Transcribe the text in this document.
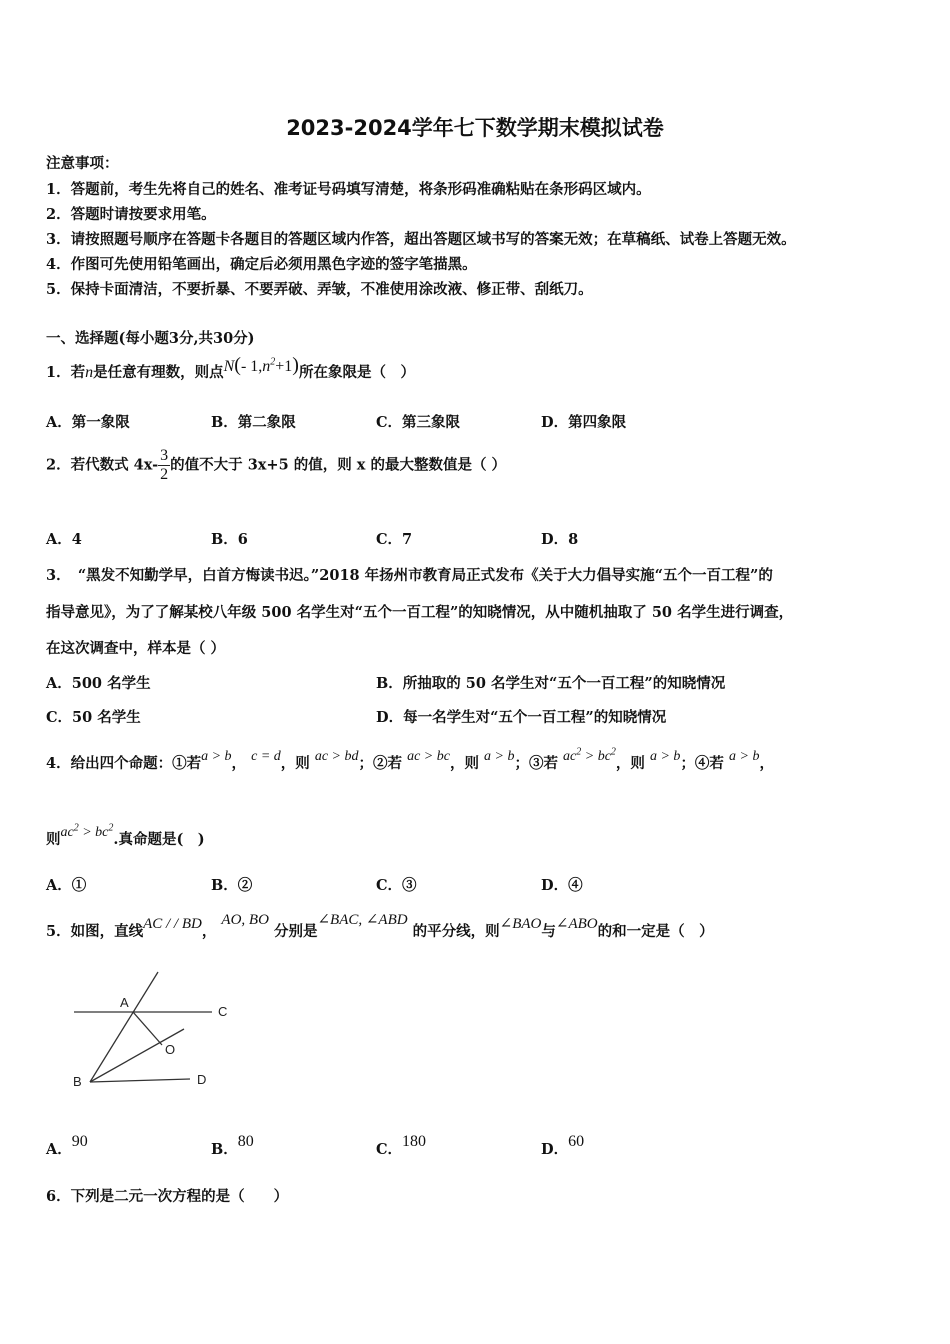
2023-2024学年七下数学期末模拟试卷
注意事项：
1．答题前，考生先将自己的姓名、准考证号码填写清楚，将条形码准确粘贴在条形码区域内。
2．答题时请按要求用笔。
3．请按照题号顺序在答题卡各题目的答题区域内作答，超出答题区域书写的答案无效；在草稿纸、试卷上答题无效。
4．作图可先使用铅笔画出，确定后必须用黑色字迹的签字笔描黑。
5．保持卡面清洁，不要折暴、不要弄破、弄皱，不准使用涂改液、修正带、刮纸刀。
一、选择题(每小题3分,共30分)
1．若n是任意有理数，则点N(- $1,n^2+1$)所在象限是（　）
A．第一象限	B．第二象限	C．第三象限	D．第四象限
2．若代数式 $4x- \frac{3}{2}$ 的值不大于 3x+5 的值，则 x 的最大整数值是（ ）
A．4	B．6	C．7	D．8
3．　“黑发不知勤学早，白首方悔读书迟。”2018 年扬州市教育局正式发布《关于大力倡导实施“五个一百工程”的
指导意见》，为了了解某校八年级 500 名学生对“五个一百工程”的知晓情况，从中随机抽取了 50 名学生进行调查，
在这次调查中，样本是（ ）
A．500 名学生	B．所抽取的 50 名学生对“五个一百工程”的知晓情况
C．50 名学生	D．每一名学生对“五个一百工程”的知晓情况
4．给出四个命题：①若a > b， c = d，则 ac > bd；②若 ac > bc，则 a > b；③若 $ac^2 > bc^2$，则 a > b；④若 a > b，
则$ac^2 > bc^2$.真命题是(　)
A．①	B．②	C．③	D．④
5．如图，直线AC / / BD， AO, BO 分别是∠BAC, ∠ABD 的平分线，则∠BAO与∠ABO的和一定是（　）
A
C
O
B	D
A．90	B．80	C．180	D．60
6．下列是二元一次方程的是（　　）
